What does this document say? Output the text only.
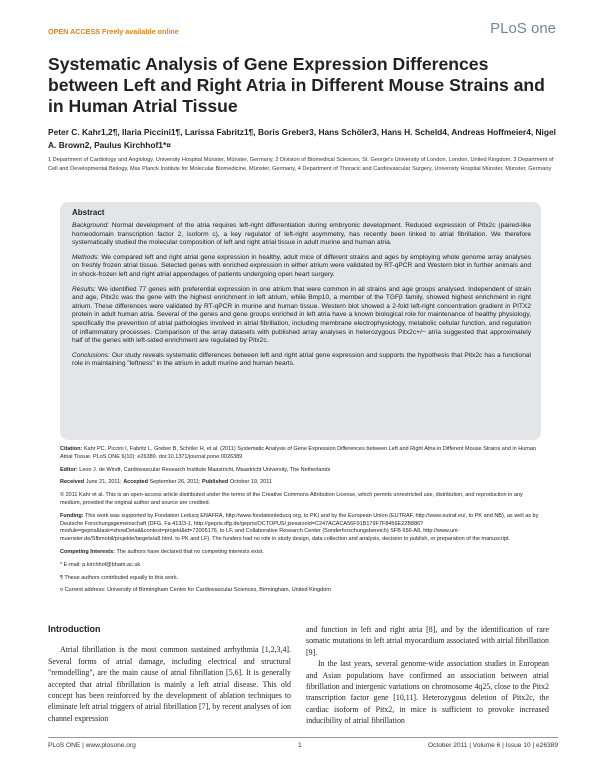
OPEN ACCESS Freely available online	PLoS one
Systematic Analysis of Gene Expression Differences between Left and Right Atria in Different Mouse Strains and in Human Atrial Tissue
Peter C. Kahr1,2¶, Ilaria Piccini1¶, Larissa Fabritz1¶, Boris Greber3, Hans Schöler3, Hans H. Scheld4, Andreas Hoffmeier4, Nigel A. Brown2, Paulus Kirchhof1*¤
1 Department of Cardiology and Angiology, University Hospital Münster, Münster, Germany, 2 Division of Biomedical Sciences, St. George's University of London, London, United Kingdom, 3 Department of Cell and Developmental Biology, Max Planck Institute for Molecular Biomedicine, Münster, Germany, 4 Department of Thoracic and Cardiovascular Surgery, University Hospital Münster, Münster, Germany
Abstract

Background: Normal development of the atria requires left-right differentiation during embryonic development. Reduced expression of Pitx2c (paired-like homeodomain transcription factor 2, isoform c), a key regulator of left-right asymmetry, has recently been linked to atrial fibrillation. We therefore systematically studied the molecular composition of left and right atrial tissue in adult murine and human atria.

Methods: We compared left and right atrial gene expression in healthy, adult mice of different strains and ages by employing whole genome array analyses on freshly frozen atrial tissue. Selected genes with enriched expression in either atrium were validated by RT-qPCR and Western blot in further animals and in shock-frozen left and right atrial appendages of patients undergoing open heart surgery.

Results: We identified 77 genes with preferential expression in one atrium that were common in all strains and age groups analysed. Independent of strain and age, Pitx2c was the gene with the highest enrichment in left atrium, while Bmp10, a member of the TGFβ family, showed highest enrichment in right atrium. These differences were validated by RT-qPCR in murine and human tissue. Western blot showed a 2-fold left-right concentration gradient in PITX2 protein in adult human atria. Several of the genes and gene groups enriched in left atria have a known biological role for maintenance of healthy physiology, specifically the prevention of atrial pathologies involved in atrial fibrillation, including membrane electrophysiology, metabolic cellular function, and regulation of inflammatory processes. Comparison of the array datasets with published array analyses in heterozygous Pitx2c+/− atria suggested that approximately half of the genes with left-sided enrichment are regulated by Pitx2c.

Conclusions: Our study reveals systematic differences between left and right atrial gene expression and supports the hypothesis that Pitx2c has a functional role in maintaining "leftness" in the atrium in adult murine and human hearts.

Citation: Kahr PC, Piccini I, Fabritz L, Greber B, Schöler H, et al. (2011) Systematic Analysis of Gene Expression Differences between Left and Right Atria in Different Mouse Strains and in Human Atrial Tissue. PLoS ONE 6(10): e26389. doi:10.1371/journal.pone.0026389

Editor: Leon J. de Windt, Cardiovascular Research Institute Maastricht, Maastricht University, The Netherlands

Received June 21, 2011; Accepted September 26, 2011; Published October 19, 2011

© 2011 Kahr et al. This is an open-access article distributed under the terms of the Creative Commons Attribution License, which permits unrestricted use, distribution, and reproduction in any medium, provided the original author and source are credited.

Funding: This work was supported by Fondation Leducq ENAFRA, http://www.fondationleducq.org, to PK) and by the European Union (EUTRAF, http://www.eutraf.eu/, to PK and NB), as well as by Deutsche Forschungsgemeinschaft (DFG, Fa 413/3-1, http://gepris.dfg.de/gepris/OCTOPUS/;jsessionid=C247ACACA56F91B179F7F8456E22B886?module=gepris&task=showDetail&context=projekt&id=72005176, to LF, and Collaborative Research Center (Sonderforschungsbereich) SFB 656-A8, http://www.uni-muenster.de/Sfbmobil/projekte/targets/a8.html, to PK and LF). The funders had no role in study design, data collection and analysis, decision to publish, or preparation of the manuscript.

Competing Interests: The authors have declared that no competing interests exist.

* E-mail: p.kirchhof@bham.ac.uk

¶ These authors contributed equally to this work.

¤ Current address: University of Birmingham Centre for Cardiovascular Sciences, Birmingham, United Kingdom

Introduction

Atrial fibrillation is the most common sustained arrhythmia [1,2,3,4]. Several forms of atrial damage, including electrical and structural "remodelling", are the main cause of atrial fibrillation [5,6]. It is generally accepted that atrial fibrillation is mainly a left atrial disease. This old concept has been reinforced by the development of ablation techniques to eliminate left atrial triggers of atrial fibrillation [7], by recent analyses of ion channel expression

and function in left and right atria [8], and by the identification of rare somatic mutations in left atrial myocardium associated with atrial fibrillation [9].

In the last years, several genome-wide association studies in European and Asian populations have confirmed an association between atrial fibrillation and intergenic variations on chromosome 4q25, close to the Pitx2 transcription factor gene [10,11]. Heterozygous deletion of Pitx2c, the cardiac isoform of Pitx2, in mice is sufficient to provoke increased inducibility of atrial fibrillation

PLoS ONE | www.plosone.org	1	October 2011 | Volume 6 | Issue 10 | e26389
